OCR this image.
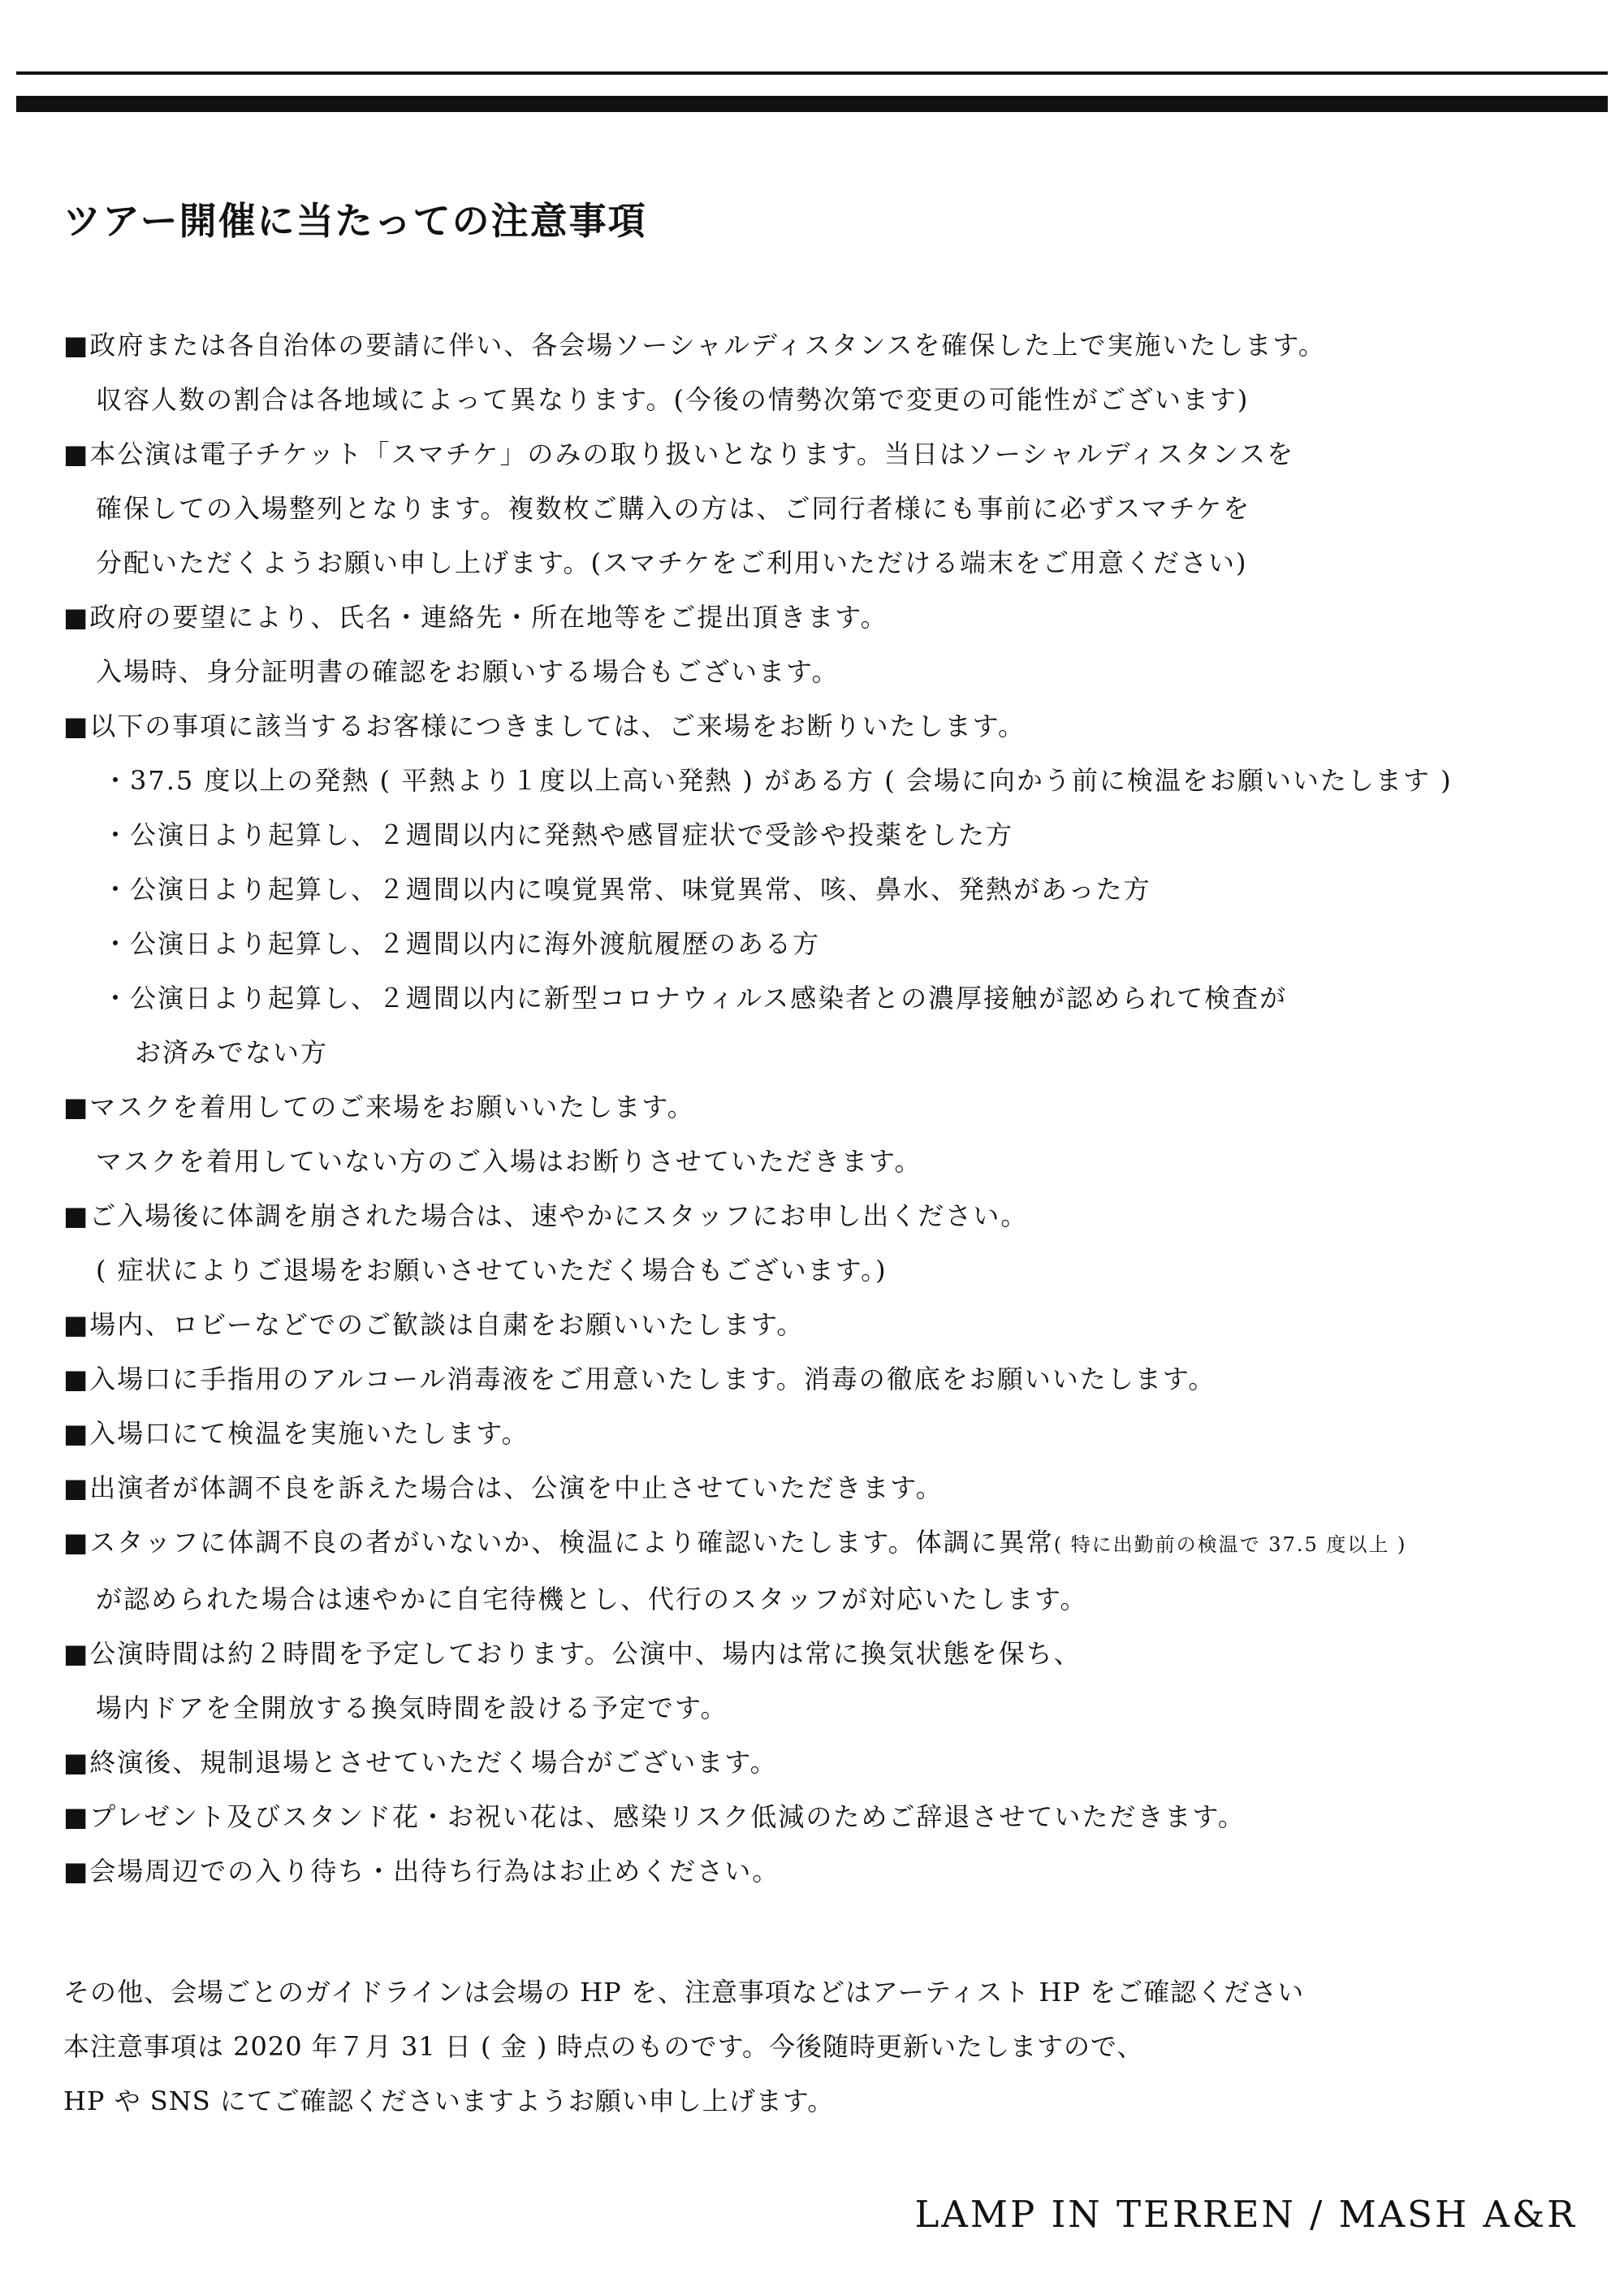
ツアー開催に当たっての注意事項
■政府または各自治体の要請に伴い、各会場ソーシャルディスタンスを確保した上で実施いたします。
収容人数の割合は各地域によって異なります。(今後の情勢次第で変更の可能性がございます)
■本公演は電子チケット「スマチケ」のみの取り扱いとなります。当日はソーシャルディスタンスを
確保しての入場整列となります。複数枚ご購入の方は、ご同行者様にも事前に必ずスマチケを
分配いただくようお願い申し上げます。(スマチケをご利用いただける端末をご用意ください)
■政府の要望により、氏名・連絡先・所在地等をご提出頂きます。
入場時、身分証明書の確認をお願いする場合もございます。
■以下の事項に該当するお客様につきましては、ご来場をお断りいたします。
・37.5 度以上の発熱 ( 平熱より１度以上高い発熱 ) がある方 ( 会場に向かう前に検温をお願いいたします )
・公演日より起算し、２週間以内に発熱や感冒症状で受診や投薬をした方
・公演日より起算し、２週間以内に嗅覚異常、味覚異常、咳、鼻水、発熱があった方
・公演日より起算し、２週間以内に海外渡航履歴のある方
・公演日より起算し、２週間以内に新型コロナウィルス感染者との濃厚接触が認められて検査が
お済みでない方
■マスクを着用してのご来場をお願いいたします。
マスクを着用していない方のご入場はお断りさせていただきます。
■ご入場後に体調を崩された場合は、速やかにスタッフにお申し出ください。
( 症状によりご退場をお願いさせていただく場合もございます。)
■場内、ロビーなどでのご歓談は自粛をお願いいたします。
■入場口に手指用のアルコール消毒液をご用意いたします。消毒の徹底をお願いいたします。
■入場口にて検温を実施いたします。
■出演者が体調不良を訴えた場合は、公演を中止させていただきます。
■スタッフに体調不良の者がいないか、検温により確認いたします。体調に異常( 特に出勤前の検温で 37.5 度以上 )
が認められた場合は速やかに自宅待機とし、代行のスタッフが対応いたします。
■公演時間は約２時間を予定しております。公演中、場内は常に換気状態を保ち、
場内ドアを全開放する換気時間を設ける予定です。
■終演後、規制退場とさせていただく場合がございます。
■プレゼント及びスタンド花・お祝い花は、感染リスク低減のためご辞退させていただきます。
■会場周辺での入り待ち・出待ち行為はお止めください。
その他、会場ごとのガイドラインは会場の HP を、注意事項などはアーティスト HP をご確認ください
本注意事項は 2020 年７月 31 日 ( 金 ) 時点のものです。今後随時更新いたしますので、
HP や SNS にてご確認くださいますようお願い申し上げます。

LAMP IN TERREN / MASH A&R
